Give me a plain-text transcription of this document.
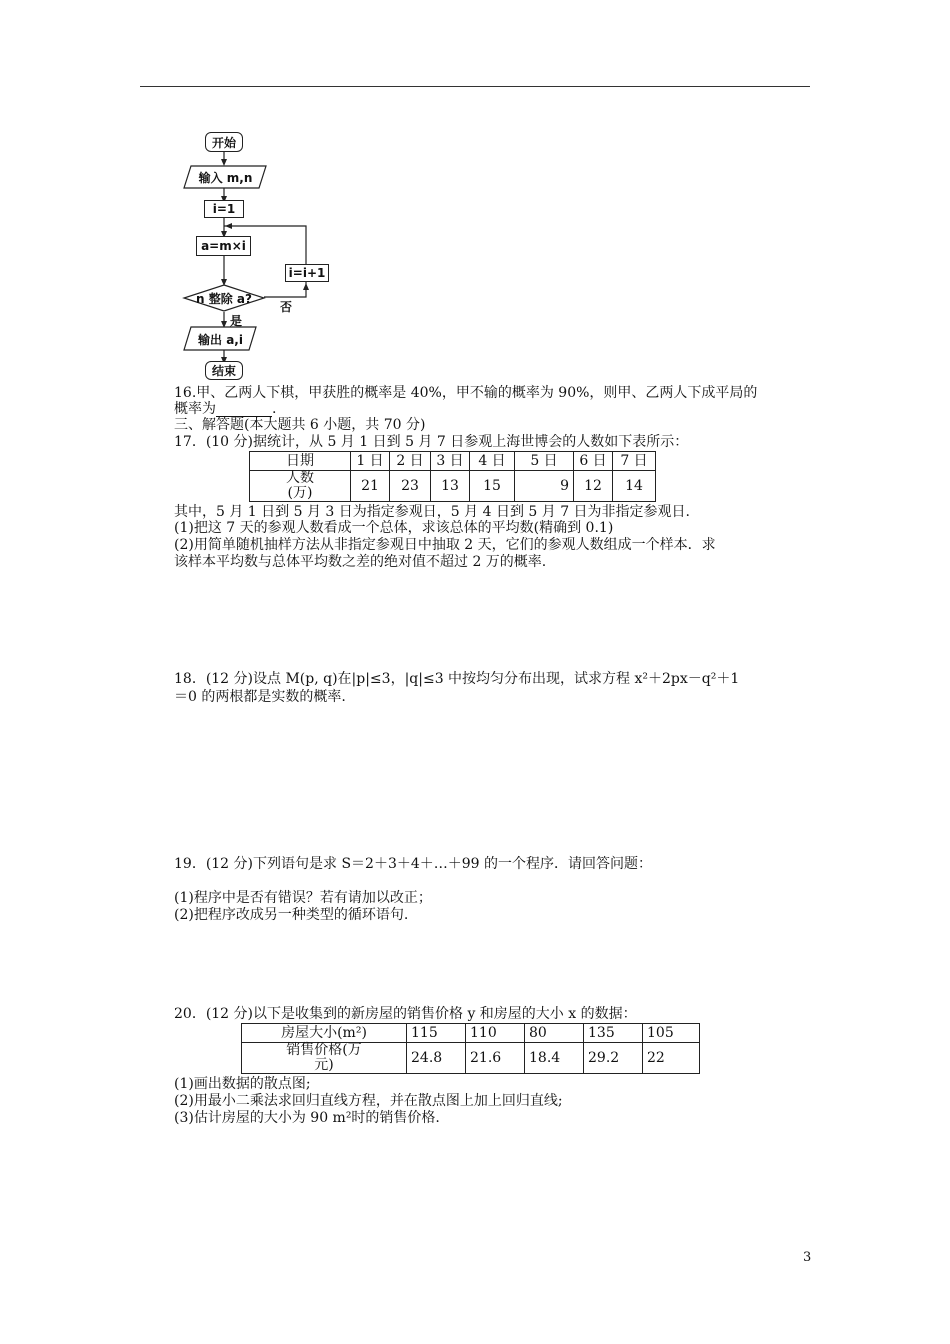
开始
输入 m,n
i=1
a=m×i
n 整除 a?
i=i+1
否
是
输出 a,i
结束
16.甲、乙两人下棋，甲获胜的概率是 40%，甲不输的概率为 90%，则甲、乙两人下成平局的
概率为	.
三、解答题(本大题共 6 小题，共 70 分)
17．(10 分)据统计，从 5 月 1 日到 5 月 7 日参观上海世博会的人数如下表所示：
日期	1 日	2 日	3 日	4 日	5 日	6 日	7 日

人数
(万)	21	23	13	15	9	12	14
其中，5 月 1 日到 5 月 3 日为指定参观日，5 月 4 日到 5 月 7 日为非指定参观日.
(1)把这 7 天的参观人数看成一个总体，求该总体的平均数(精确到 0.1)
(2)用简单随机抽样方法从非指定参观日中抽取 2 天，它们的参观人数组成一个样本．求
该样本平均数与总体平均数之差的绝对值不超过 2 万的概率.
18．(12 分)设点 M(p, q)在|p|≤3，|q|≤3 中按均匀分布出现，试求方程 x²＋2px－q²＋1
＝0 的两根都是实数的概率.
19．(12 分)下列语句是求 S＝2＋3＋4＋…＋99 的一个程序．请回答问题：
(1)程序中是否有错误？若有请加以改正；
(2)把程序改成另一种类型的循环语句.
20．(12 分)以下是收集到的新房屋的销售价格 y 和房屋的大小 x 的数据：
房屋大小(m²)	115	110	80	135	105

销售价格(万
元)	24.8	21.6	18.4	29.2	22
(1)画出数据的散点图;
(2)用最小二乘法求回归直线方程，并在散点图上加上回归直线;
(3)估计房屋的大小为 90 m²时的销售价格.
3
